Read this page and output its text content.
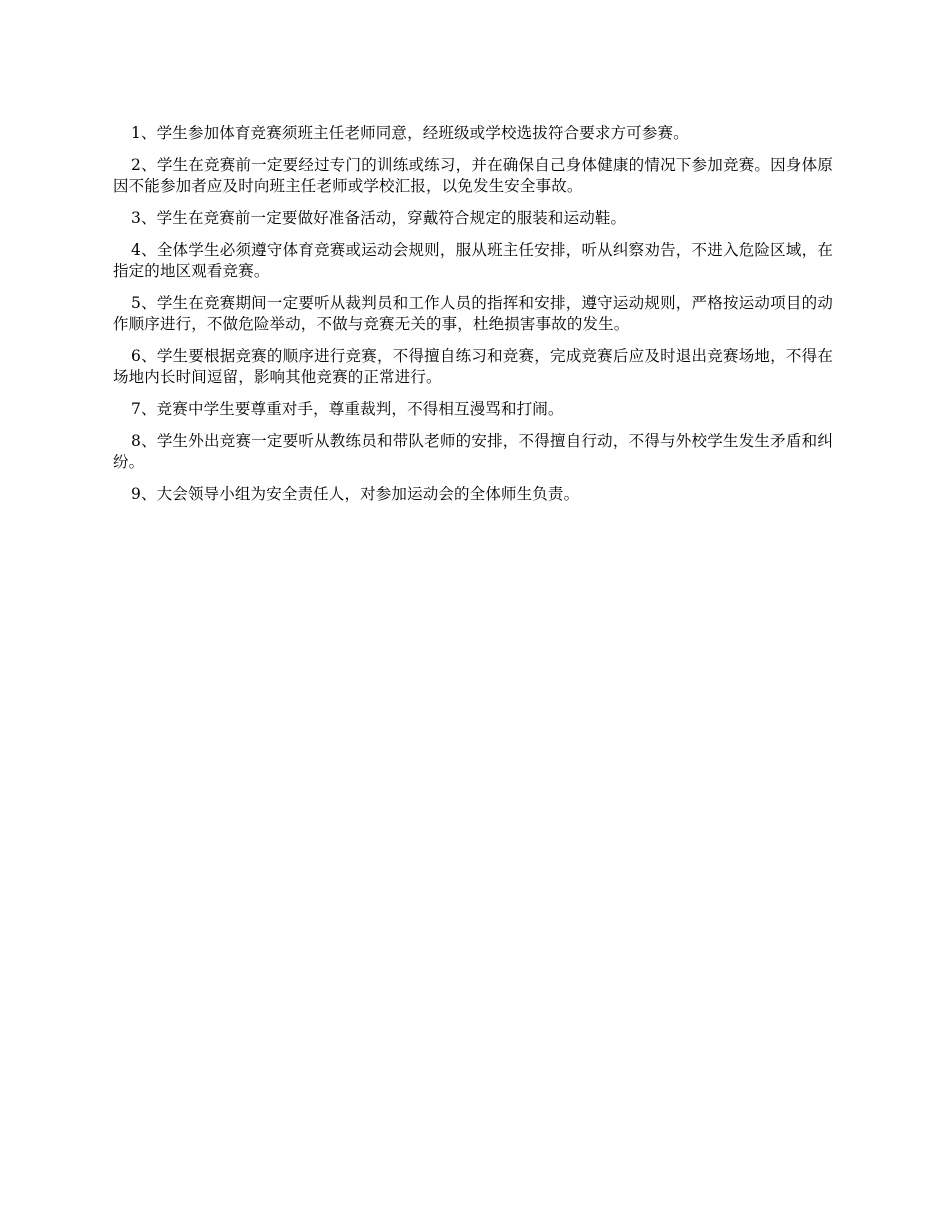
1、学生参加体育竞赛须班主任老师同意，经班级或学校选拔符合要求方可参赛。

2、学生在竞赛前一定要经过专门的训练或练习，并在确保自己身体健康的情况下参加竞赛。因身体原因不能参加者应及时向班主任老师或学校汇报，以免发生安全事故。

3、学生在竞赛前一定要做好准备活动，穿戴符合规定的服装和运动鞋。

4、全体学生必须遵守体育竞赛或运动会规则，服从班主任安排，听从纠察劝告，不进入危险区域，在指定的地区观看竞赛。

5、学生在竞赛期间一定要听从裁判员和工作人员的指挥和安排，遵守运动规则，严格按运动项目的动作顺序进行，不做危险举动，不做与竞赛无关的事，杜绝损害事故的发生。

6、学生要根据竞赛的顺序进行竞赛，不得擅自练习和竞赛，完成竞赛后应及时退出竞赛场地，不得在场地内长时间逗留，影响其他竞赛的正常进行。

7、竞赛中学生要尊重对手，尊重裁判，不得相互漫骂和打闹。

8、学生外出竞赛一定要听从教练员和带队老师的安排，不得擅自行动，不得与外校学生发生矛盾和纠纷。

9、大会领导小组为安全责任人，对参加运动会的全体师生负责。
